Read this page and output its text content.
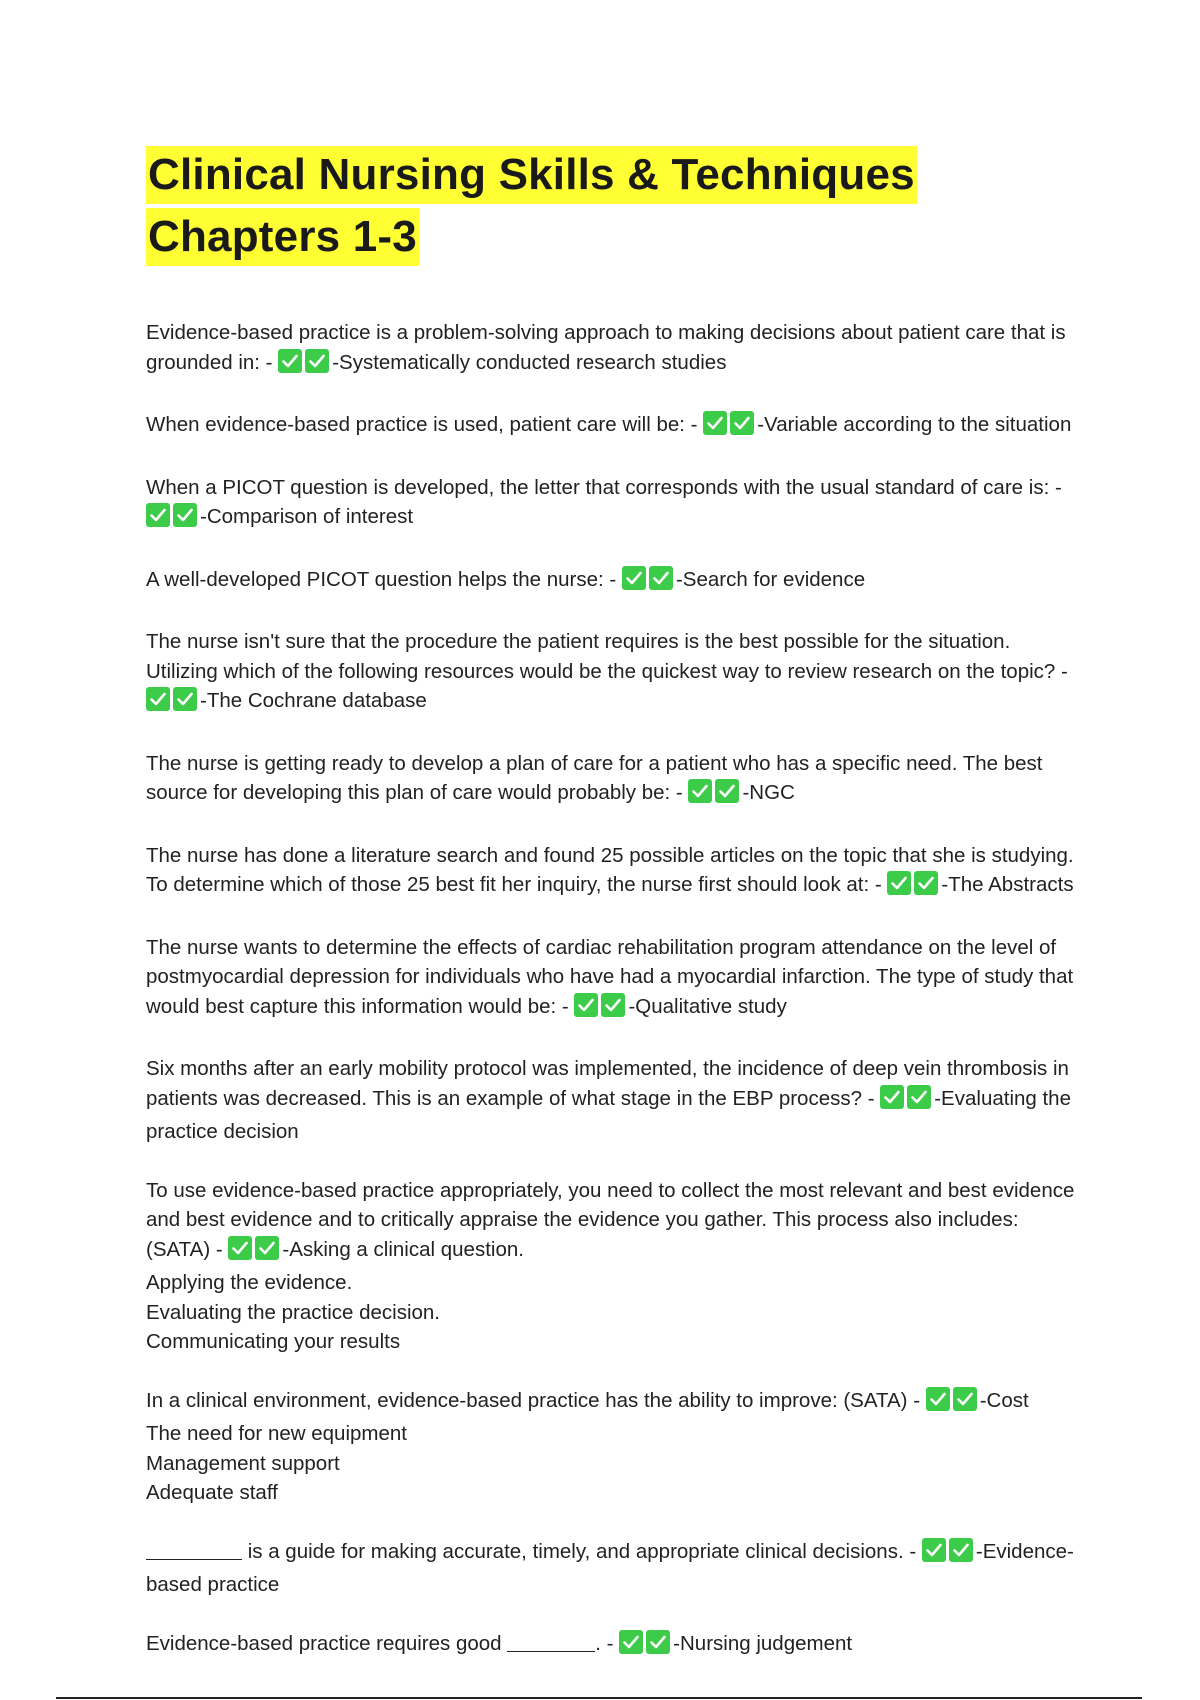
Clinical Nursing Skills & Techniques
Chapters 1-3

Evidence-based practice is a problem-solving approach to making decisions about patient care that is grounded in: -	-Systematically conducted research studies

When evidence-based practice is used, patient care will be: -	-Variable according to the situation

When a PICOT question is developed, the letter that corresponds with the usual standard of care is: -
-Comparison of interest

A well-developed PICOT question helps the nurse: -	-Search for evidence

The nurse isn't sure that the procedure the patient requires is the best possible for the situation. Utilizing which of the following resources would be the quickest way to review research on the topic? -
-The Cochrane database

The nurse is getting ready to develop a plan of care for a patient who has a specific need. The best source for developing this plan of care would probably be: -	-NGC

The nurse has done a literature search and found 25 possible articles on the topic that she is studying. To determine which of those 25 best fit her inquiry, the nurse first should look at: -	-The Abstracts

The nurse wants to determine the effects of cardiac rehabilitation program attendance on the level of postmyocardial depression for individuals who have had a myocardial infarction. The type of study that would best capture this information would be: -	-Qualitative study

Six months after an early mobility protocol was implemented, the incidence of deep vein thrombosis in patients was decreased. This is an example of what stage in the EBP process? -	-Evaluating the practice decision

To use evidence-based practice appropriately, you need to collect the most relevant and best evidence and best evidence and to critically appraise the evidence you gather. This process also includes: (SATA) -	-Asking a clinical question.
Applying the evidence.
Evaluating the practice decision.
Communicating your results

In a clinical environment, evidence-based practice has the ability to improve: (SATA) -	-Cost
The need for new equipment
Management support
Adequate staff

is a guide for making accurate, timely, and appropriate clinical decisions. -	-Evidence-based practice

Evidence-based practice requires good	. -	-Nursing judgement
